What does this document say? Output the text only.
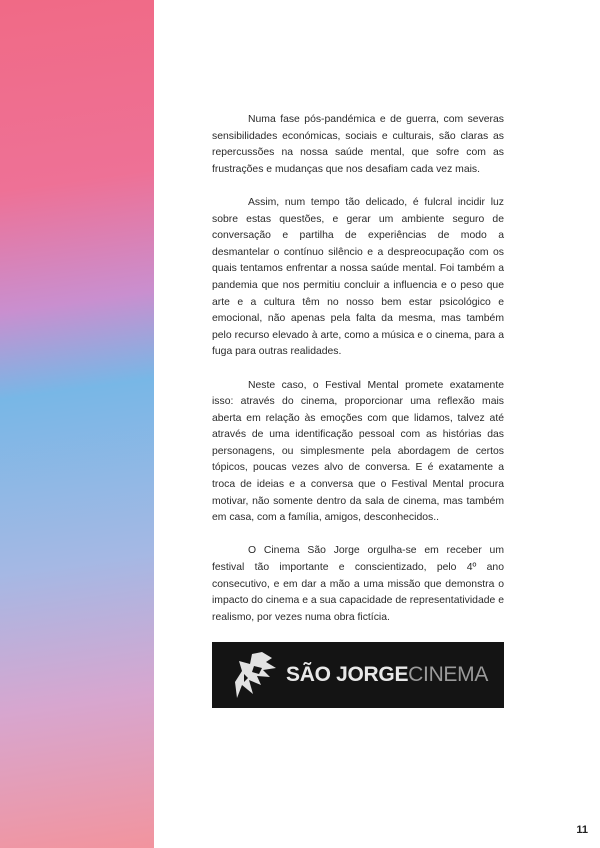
Numa fase pós-pandémica e de guerra, com severas sensibilidades económicas, sociais e culturais, são claras as repercussões na nossa saúde mental, que sofre com as frustrações e mudanças que nos desafiam cada vez mais.

Assim, num tempo tão delicado, é fulcral incidir luz sobre estas questões, e gerar um ambiente seguro de conversação e partilha de experiências de modo a desmantelar o contínuo silêncio e a despreocupação com os quais tentamos enfrentar a nossa saúde mental. Foi também a pandemia que nos permitiu concluir a influencia e o peso que arte e a cultura têm no nosso bem estar psicológico e emocional, não apenas pela falta da mesma, mas também pelo recurso elevado à arte, como a música e o cinema, para a fuga para outras realidades.

Neste caso, o Festival Mental promete exatamente isso: através do cinema, proporcionar uma reflexão mais aberta em relação às emoções com que lidamos, talvez até através de uma identificação pessoal com as histórias das personagens, ou simplesmente pela abordagem de certos tópicos, poucas vezes alvo de conversa. E é exatamente a troca de ideias e a conversa que o Festival Mental procura motivar, não somente dentro da sala de cinema, mas também em casa, com a família, amigos, desconhecidos..

O Cinema São Jorge orgulha-se em receber um festival tão importante e conscientizado, pelo 4º ano consecutivo, e em dar a mão a uma missão que demonstra o impacto do cinema e a sua capacidade de representatividade e realismo, por vezes numa obra fictícia.

SÃO JORGECINEMA
11
